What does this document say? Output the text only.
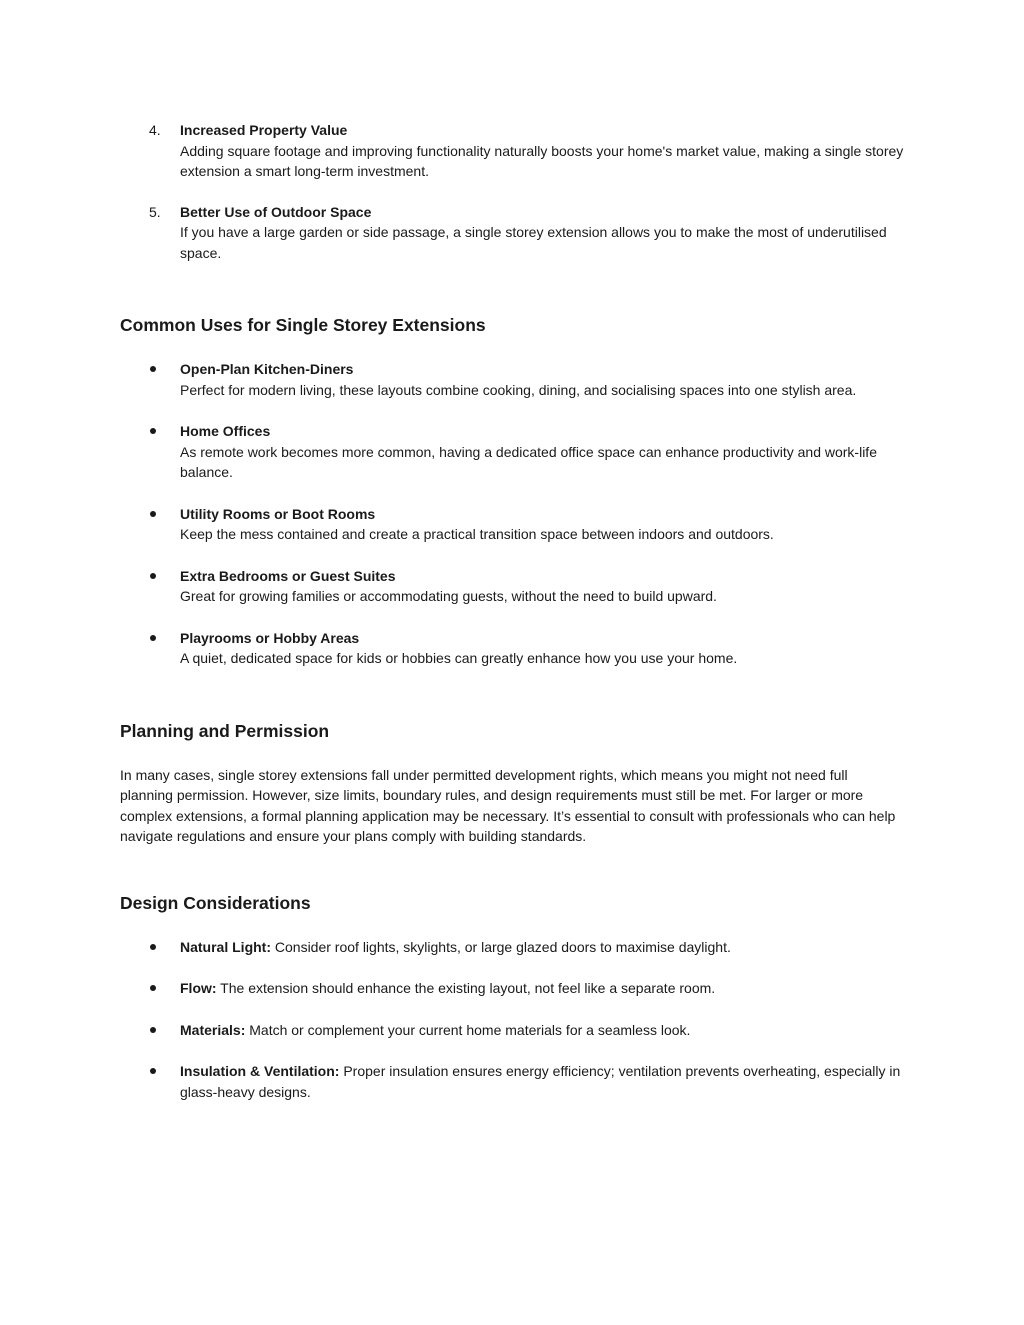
4. Increased Property Value
Adding square footage and improving functionality naturally boosts your home's market value, making a single storey extension a smart long-term investment.
5. Better Use of Outdoor Space
If you have a large garden or side passage, a single storey extension allows you to make the most of underutilised space.
Common Uses for Single Storey Extensions
Open-Plan Kitchen-Diners
Perfect for modern living, these layouts combine cooking, dining, and socialising spaces into one stylish area.
Home Offices
As remote work becomes more common, having a dedicated office space can enhance productivity and work-life balance.
Utility Rooms or Boot Rooms
Keep the mess contained and create a practical transition space between indoors and outdoors.
Extra Bedrooms or Guest Suites
Great for growing families or accommodating guests, without the need to build upward.
Playrooms or Hobby Areas
A quiet, dedicated space for kids or hobbies can greatly enhance how you use your home.
Planning and Permission

In many cases, single storey extensions fall under permitted development rights, which means you might not need full planning permission. However, size limits, boundary rules, and design requirements must still be met. For larger or more complex extensions, a formal planning application may be necessary. It’s essential to consult with professionals who can help navigate regulations and ensure your plans comply with building standards.

Design Considerations
Natural Light: Consider roof lights, skylights, or large glazed doors to maximise daylight.
Flow: The extension should enhance the existing layout, not feel like a separate room.
Materials: Match or complement your current home materials for a seamless look.
Insulation & Ventilation: Proper insulation ensures energy efficiency; ventilation prevents overheating, especially in glass-heavy designs.
